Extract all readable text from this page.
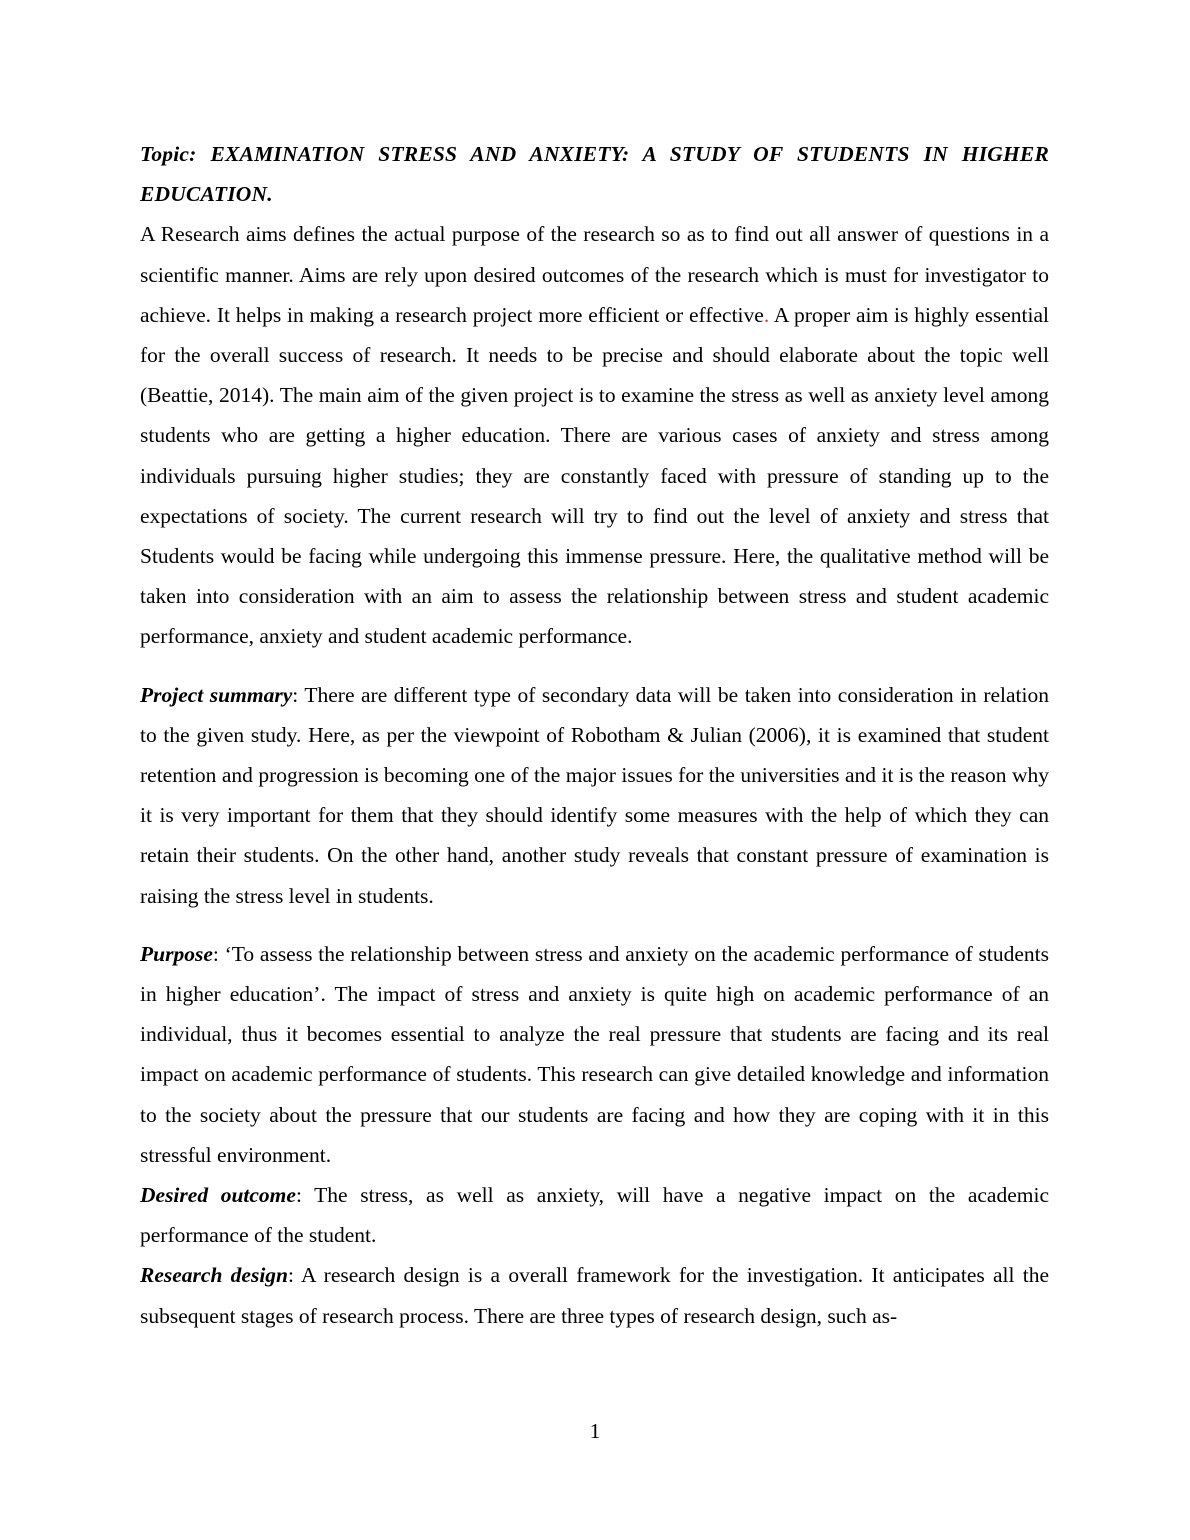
Topic: EXAMINATION STRESS AND ANXIETY: A STUDY OF STUDENTS IN HIGHER EDUCATION.

A Research aims defines the actual purpose of the research so as to find out all answer of questions in a scientific manner. Aims are rely upon desired outcomes of the research which is must for investigator to achieve. It helps in making a research project more efficient or effective. A proper aim is highly essential for the overall success of research. It needs to be precise and should elaborate about the topic well (Beattie, 2014). The main aim of the given project is to examine the stress as well as anxiety level among students who are getting a higher education. There are various cases of anxiety and stress among individuals pursuing higher studies; they are constantly faced with pressure of standing up to the expectations of society. The current research will try to find out the level of anxiety and stress that Students would be facing while undergoing this immense pressure. Here, the qualitative method will be taken into consideration with an aim to assess the relationship between stress and student academic performance, anxiety and student academic performance.

Project summary: There are different type of secondary data will be taken into consideration in relation to the given study. Here, as per the viewpoint of Robotham & Julian (2006), it is examined that student retention and progression is becoming one of the major issues for the universities and it is the reason why it is very important for them that they should identify some measures with the help of which they can retain their students. On the other hand, another study reveals that constant pressure of examination is raising the stress level in students.

Purpose: ‘To assess the relationship between stress and anxiety on the academic performance of students in higher education’. The impact of stress and anxiety is quite high on academic performance of an individual, thus it becomes essential to analyze the real pressure that students are facing and its real impact on academic performance of students. This research can give detailed knowledge and information to the society about the pressure that our students are facing and how they are coping with it in this stressful environment.

Desired outcome: The stress, as well as anxiety, will have a negative impact on the academic performance of the student.

Research design: A research design is a overall framework for the investigation. It anticipates all the subsequent stages of research process. There are three types of research design, such as-

1
